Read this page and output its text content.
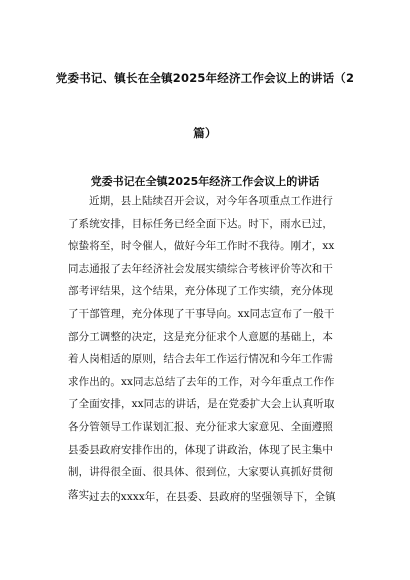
党委书记、镇长在全镇2025年经济工作会议上的讲话（2

篇）

党委书记在全镇2025年经济工作会议上的讲话

近期，县上陆续召开会议，对今年各项重点工作进行
了系统安排，目标任务已经全面下达。时下，雨水已过，
惊蛰将至，时令催人，做好今年工作时不我待。刚才，xx
同志通报了去年经济社会发展实绩综合考核评价等次和干
部考评结果，这个结果，充分体现了工作实绩，充分体现
了干部管理，充分体现了干事导向。xx同志宣布了一般干
部分工调整的决定，这是充分征求个人意愿的基础上，本
着人岗相适的原则，结合去年工作运行情况和今年工作需
求作出的。xx同志总结了去年的工作，对今年重点工作作
了全面安排，xx同志的讲话，是在党委扩大会上认真听取
各分管领导工作谋划汇报、充分征求大家意见、全面遵照
县委县政府安排作出的，体现了讲政治，体现了民主集中
制，讲得很全面、很具体、很到位，大家要认真抓好贯彻
落实。
过去的xxxx年，在县委、县政府的坚强领导下，全镇
